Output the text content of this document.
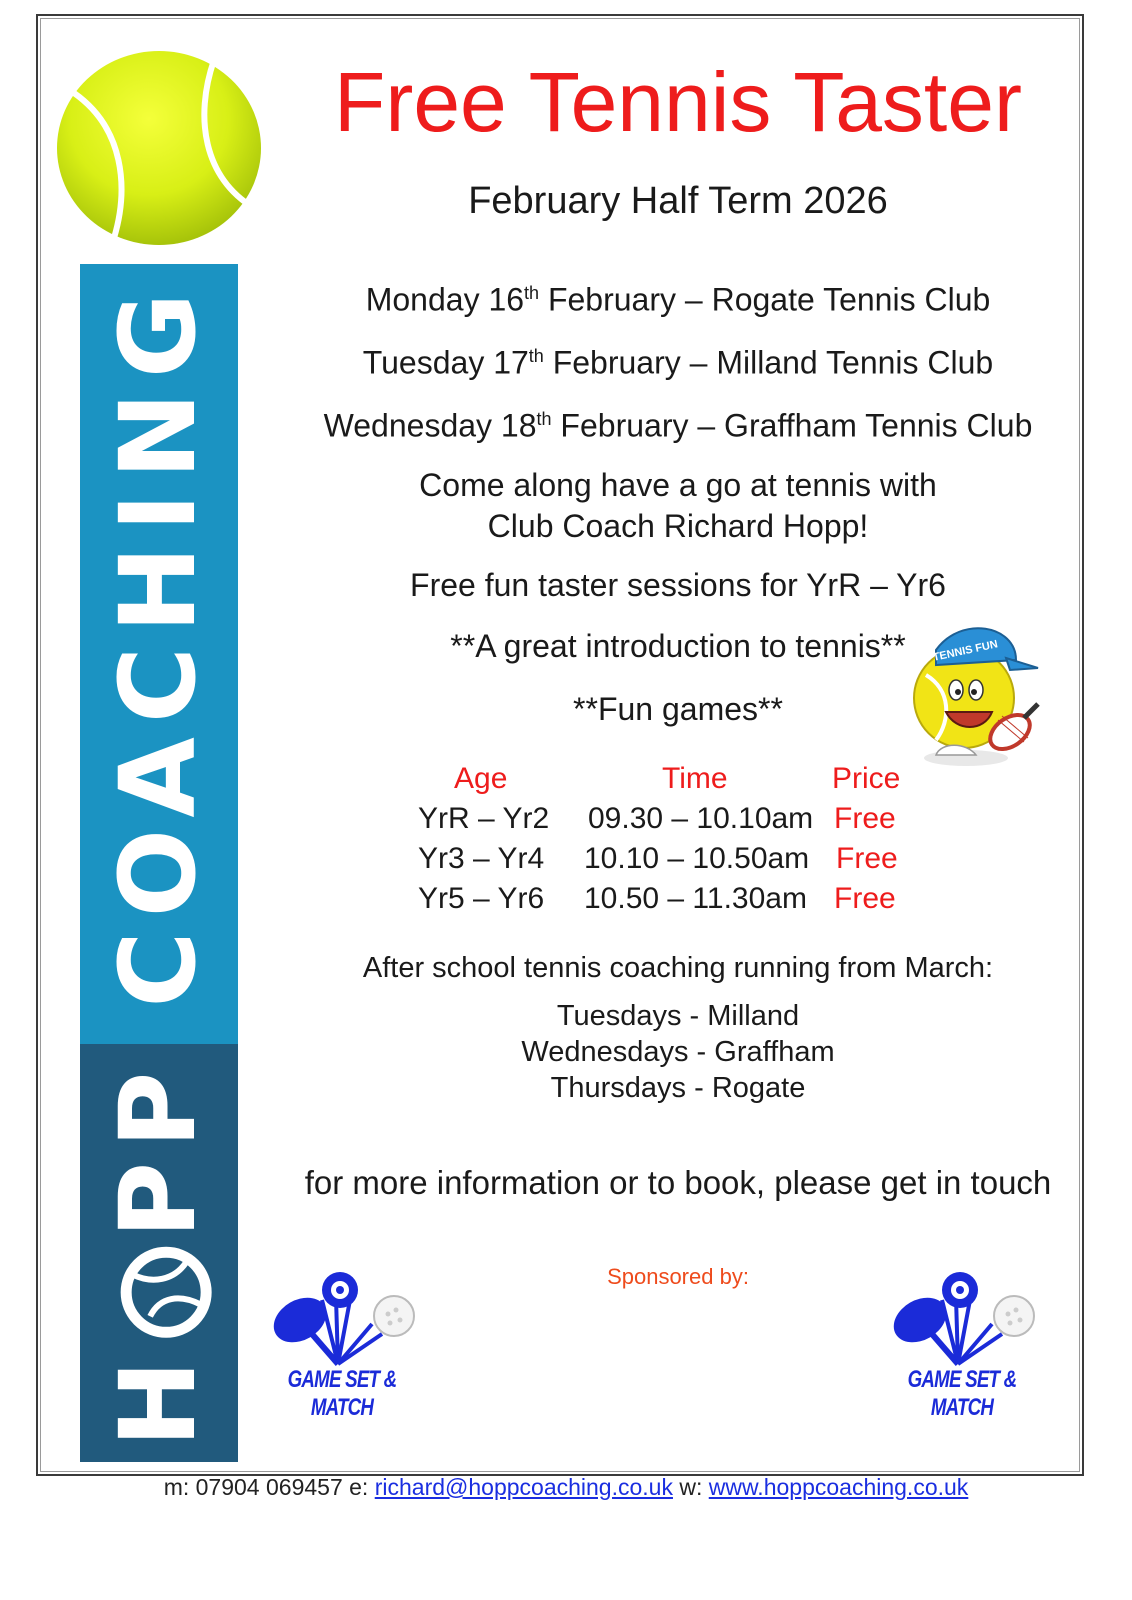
HPP COACHING
Free Tennis Taster
February Half Term 2026
Monday 16th February – Rogate Tennis Club
Tuesday 17th February – Milland Tennis Club
Wednesday 18th February – Graffham Tennis Club
Come along have a go at tennis with
Club Coach Richard Hopp!
Free fun taster sessions for YrR – Yr6
**A great introduction to tennis**
**Fun games**
TENNIS FUN
Age	Time	Price
YrR – Yr2 09.30 – 10.10am Free
Yr3 – Yr4 10.10 – 10.50am Free
Yr5 – Yr6 10.50 – 11.30am Free
After school tennis coaching running from March:
Tuesdays - Milland
Wednesdays - Graffham
Thursdays - Rogate
for more information or to book, please get in touch
Sponsored by:
GAME SET & MATCH
GAME SET & MATCH
m: 07904 069457 e: richard@hoppcoaching.co.uk w: www.hoppcoaching.co.uk
